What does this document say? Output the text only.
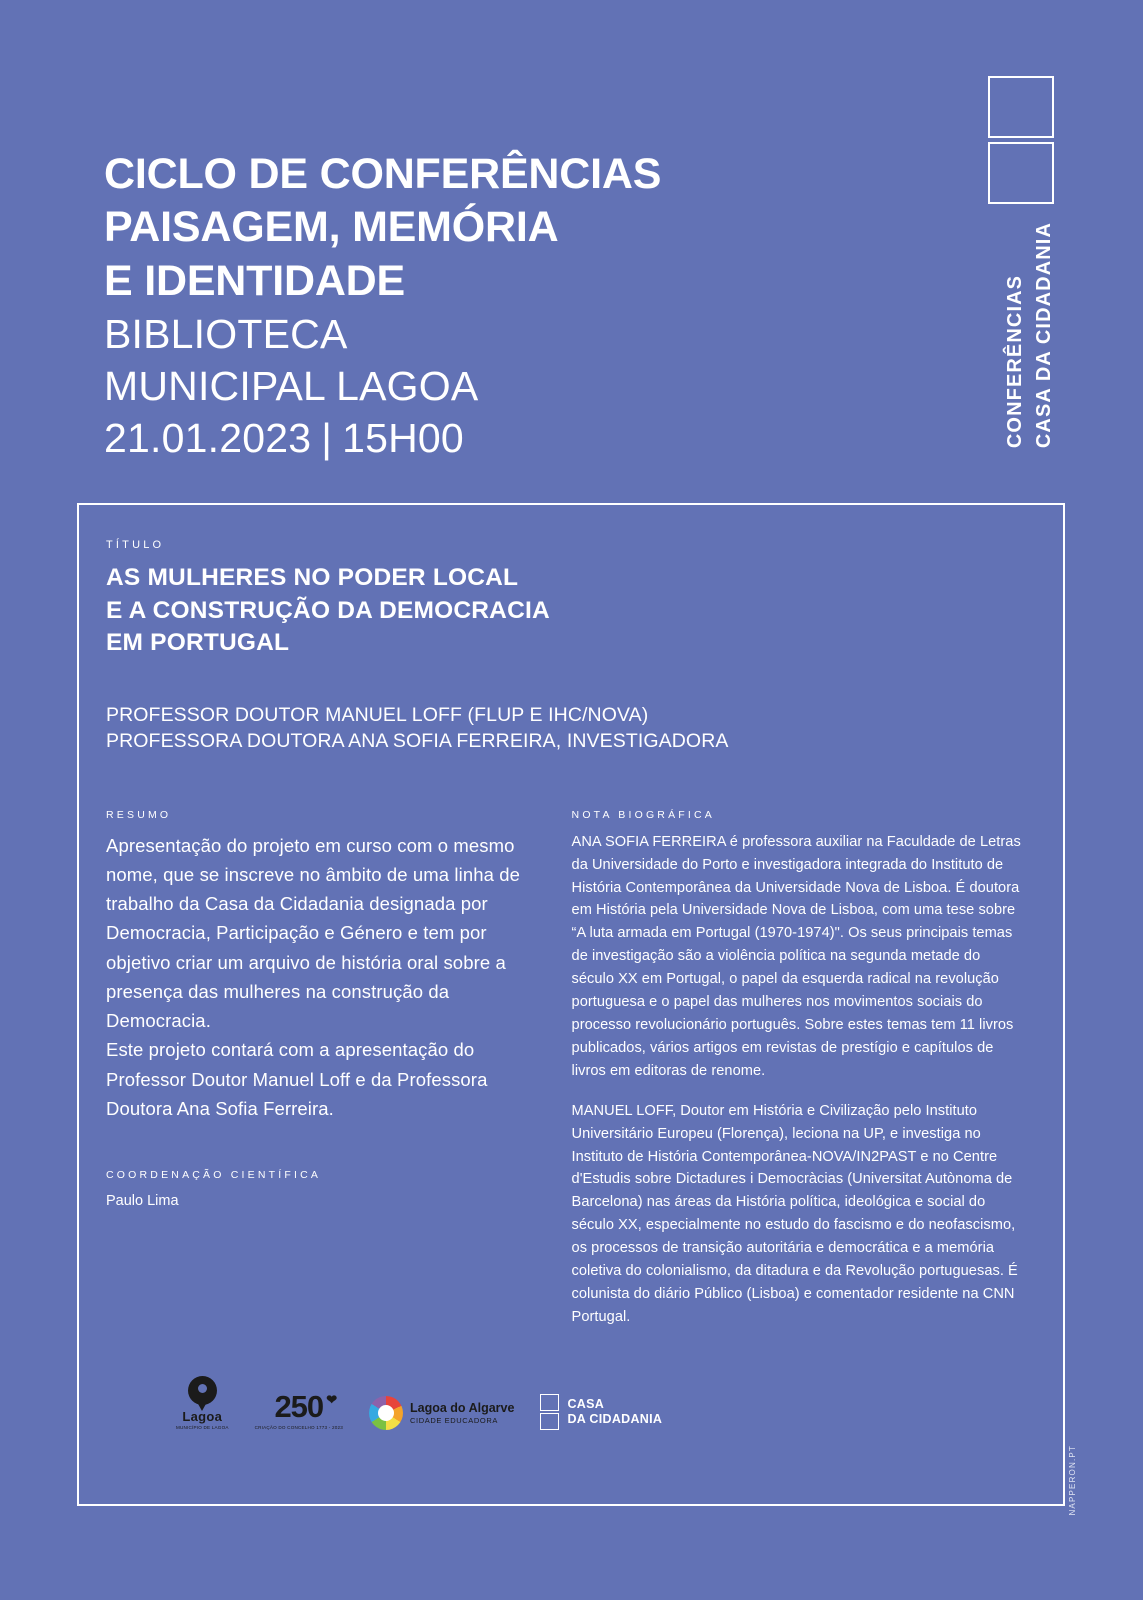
CONFERÊNCIAS CASA DA CIDADANIA
NAPPERON.PT
CICLO DE CONFERÊNCIAS
PAISAGEM, MEMÓRIA
E IDENTIDADE
BIBLIOTECA
MUNICIPAL LAGOA
21.01.2023 | 15H00
TÍTULO
AS MULHERES NO PODER LOCAL
E A CONSTRUÇÃO DA DEMOCRACIA
EM PORTUGAL
PROFESSOR DOUTOR MANUEL LOFF (FLUP E IHC/NOVA)
PROFESSORA DOUTORA ANA SOFIA FERREIRA, INVESTIGADORA
RESUMO

Apresentação do projeto em curso com o mesmo nome, que se inscreve no âmbito de uma linha de trabalho da Casa da Cidadania designada por Democracia, Participação e Género e tem por objetivo criar um arquivo de história oral sobre a presença das mulheres na construção da Democracia.

Este projeto contará com a apresentação do Professor Doutor Manuel Loff e da Professora Doutora Ana Sofia Ferreira.

COORDENAÇÃO CIENTÍFICA
Paulo Lima
NOTA BIOGRÁFICA

ANA SOFIA FERREIRA é professora auxiliar na Faculdade de Letras da Universidade do Porto e investigadora integrada do Instituto de História Contemporânea da Universidade Nova de Lisboa. É doutora em História pela Universidade Nova de Lisboa, com uma tese sobre “A luta armada em Portugal (1970-1974)". Os seus principais temas de investigação são a violência política na segunda metade do século XX em Portugal, o papel da esquerda radical na revolução portuguesa e o papel das mulheres nos movimentos sociais do processo revolucionário português. Sobre estes temas tem 11 livros publicados, vários artigos em revistas de prestígio e capítulos de livros em editoras de renome.

MANUEL LOFF, Doutor em História e Civilização pelo Instituto Universitário Europeu (Florença), leciona na UP, e investiga no Instituto de História Contemporânea-NOVA/IN2PAST e no Centre d'Estudis sobre Dictadures i Democràcias (Universitat Autònoma de Barcelona) nas áreas da História política, ideológica e social do século XX, especialmente no estudo do fascismo e do neofascismo, os processos de transição autoritária e democrática e a memória coletiva do colonialismo, da ditadura e da Revolução portuguesas. É colunista do diário Público (Lisboa) e comentador residente na CNN Portugal.

Lagoa
MUNICÍPIO DE LAGOA
250 ❤
CRIAÇÃO DO CONCELHO 1773 - 2023
Lagoa do Algarve
CIDADE EDUCADORA
CASA
DA CIDADANIA
